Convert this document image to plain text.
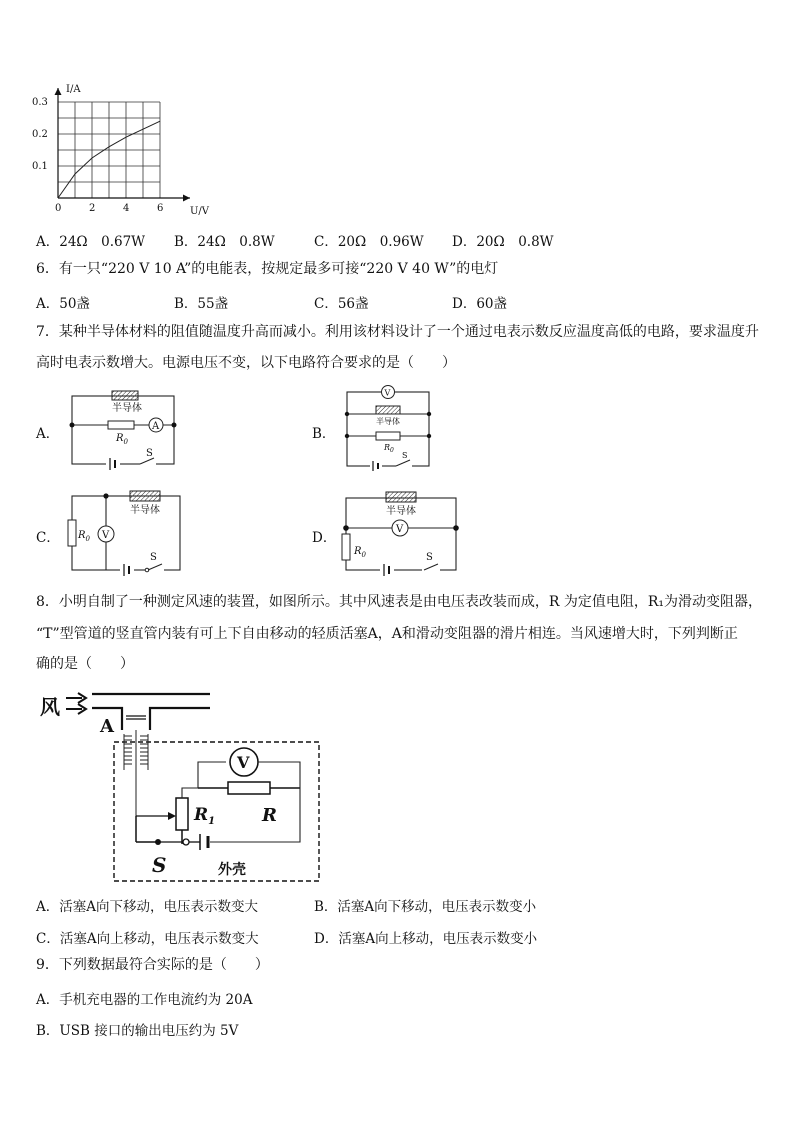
I/A
U/V
0	2	4	6
0.1
0.2
0.3
A．24Ω　0.67W B．24Ω　0.8W	C．20Ω　0.96W D．20Ω　0.8W
6．有一只“220 V 10 A”的电能表，按规定最多可接“220 V 40 W”的电灯
A．50盏	B．55盏	C．56盏	D．60盏
7．某种半导体材料的阻值随温度升高而减小。利用该材料设计了一个通过电表示数反应温度高低的电路，要求温度升
高时电表示数增大。电源电压不变，以下电路符合要求的是（　　）
A．	B．
C．	D．
半导体
$R_0$
A
S
V
半导体
$R_0$
S
半导体
$R_0$ V
S
半导体
V
$R_0$	S
8．小明自制了一种测定风速的装置，如图所示。其中风速表是由电压表改装而成，R 为定值电阻，R₁为滑动变阻器，
“T”型管道的竖直管内装有可上下自由移动的轻质活塞A，A和滑动变阻器的滑片相连。当风速增大时，下列判断正
确的是（　　）
风
A
$R_1$	R
V
S	外壳
A．活塞A向下移动，电压表示数变大	B．活塞A向下移动，电压表示数变小
C．活塞A向上移动，电压表示数变大	D．活塞A向上移动，电压表示数变小
9．下列数据最符合实际的是（　　）
A．手机充电器的工作电流约为 20A
B．USB 接口的输出电压约为 5V
